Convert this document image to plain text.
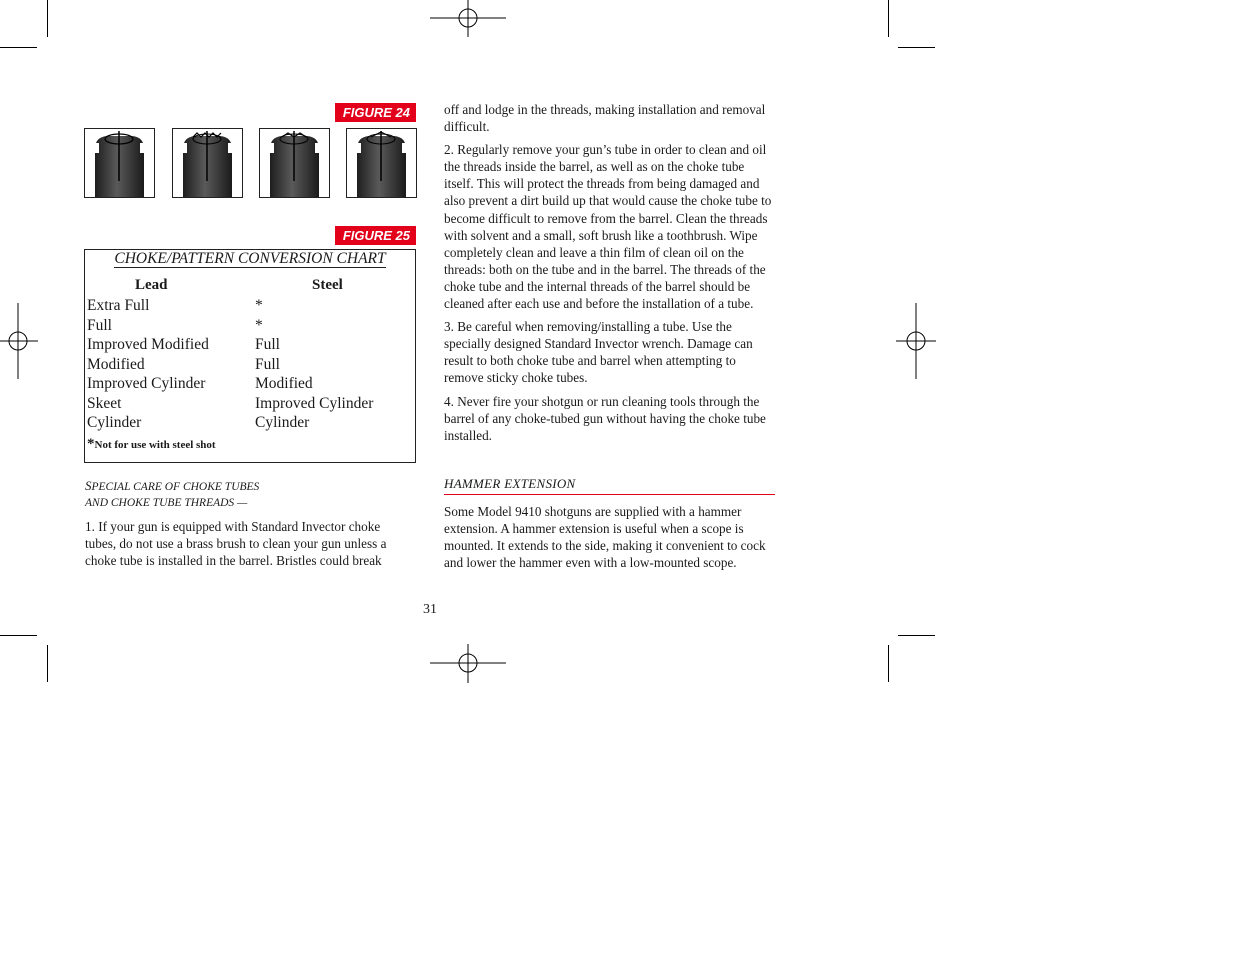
FIGURE 24
FIGURE 25
CHOKE/PATTERN CONVERSION CHART
Lead	Steel
Extra Full	*
Full	*
Improved Modified	Full
Modified	Full
Improved Cylinder	Modified
Skeet	Improved Cylinder
Cylinder	Cylinder
*Not for use with steel shot
SPECIAL CARE OF CHOKE TUBES
AND CHOKE TUBE THREADS —

1. If your gun is equipped with Standard Invector choke tubes, do not use a brass brush to clean your gun unless a choke tube is installed in the barrel. Bristles could break

off and lodge in the threads, making installation and removal difficult.

2. Regularly remove your gun’s tube in order to clean and oil the threads inside the barrel, as well as on the choke tube itself. This will protect the threads from being damaged and also prevent a dirt build up that would cause the choke tube to become difficult to remove from the barrel. Clean the threads with solvent and a small, soft brush like a toothbrush. Wipe completely clean and leave a thin film of clean oil on the threads: both on the tube and in the barrel. The threads of the choke tube and the internal threads of the barrel should be cleaned after each use and before the installation of a tube.

3. Be careful when removing/installing a tube. Use the specially designed Standard Invector wrench. Damage can result to both choke tube and barrel when attempting to remove sticky choke tubes.

4. Never fire your shotgun or run cleaning tools through the barrel of any choke-tubed gun without having the choke tube installed.

HAMMER EXTENSION
Some Model 9410 shotguns are supplied with a hammer extension. A hammer extension is useful when a scope is mounted. It extends to the side, making it convenient to cock and lower the hammer even with a low-mounted scope.
31
